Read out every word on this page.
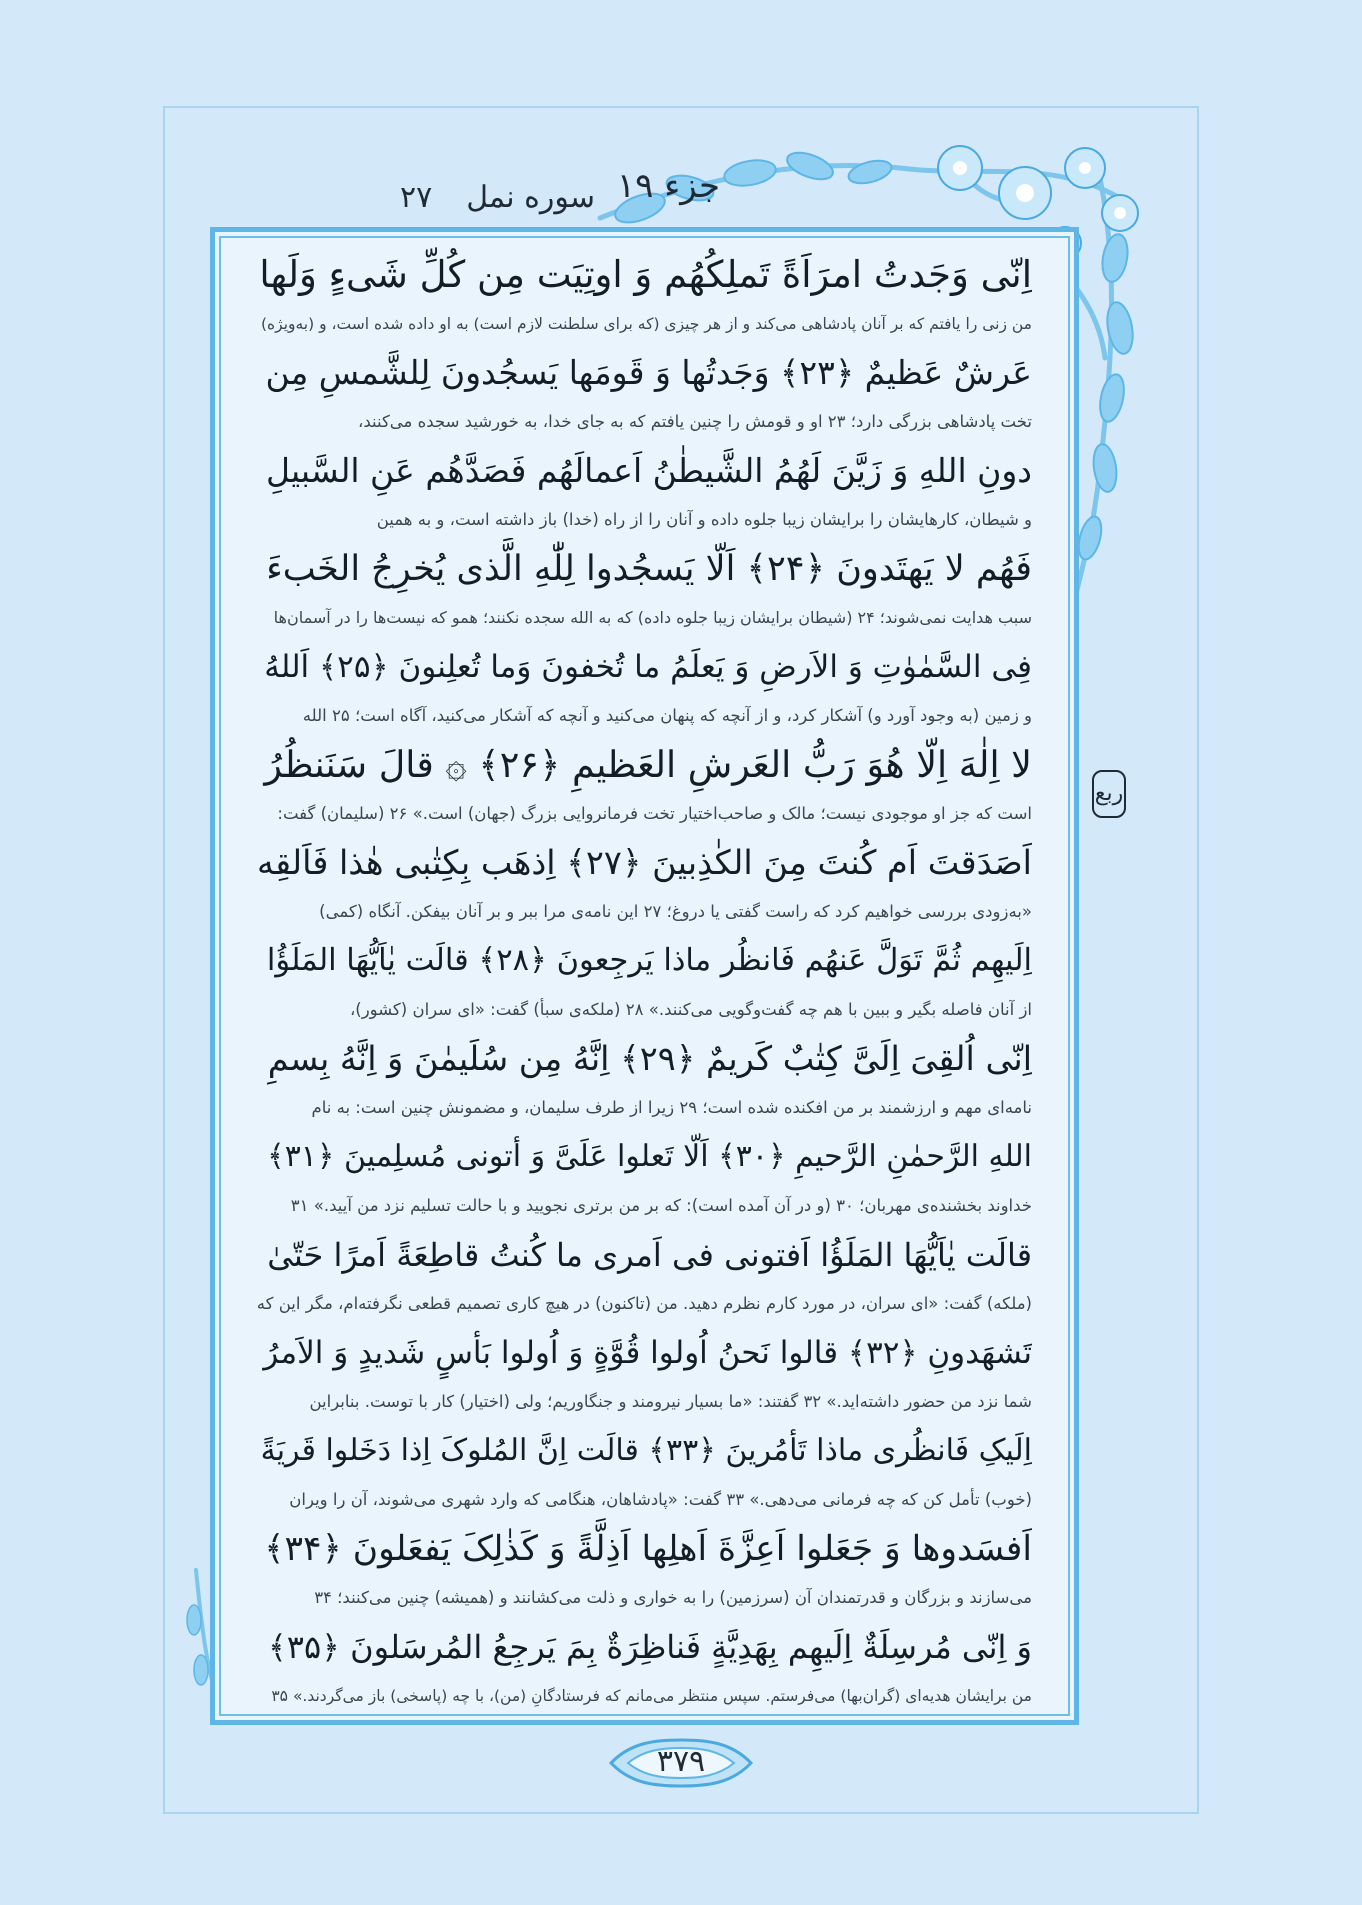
جزء ۱۹
سوره نمل
۲۷
اِنّی وَجَدتُ امرَاَةً تَملِکُهُم وَ اوتِیَت مِن کُلِّ شَیءٍ وَلَها
من زنی را یافتم که بر آنان پادشاهی می‌کند و از هر چیزی (که برای سلطنت لازم است) به او داده شده است، و (به‌ویژه)
عَرشٌ عَظیمٌ ﴿۲۳﴾ وَجَدتُها وَ قَومَها یَسجُدونَ لِلشَّمسِ مِن
تخت پادشاهی بزرگی دارد؛ ۲۳ او و قومش را چنین یافتم که به جای خدا، به خورشید سجده می‌کنند،
دونِ اللهِ وَ زَیَّنَ لَهُمُ الشَّیطٰنُ اَعمالَهُم فَصَدَّهُم عَنِ السَّبیلِ
و شیطان، کارهایشان را برایشان زیبا جلوه داده و آنان را از راه (خدا) باز داشته است، و به همین
فَهُم لا یَهتَدونَ ﴿۲۴﴾ اَلّا یَسجُدوا لِلّٰهِ الَّذی یُخرِجُ الخَبءَ
سبب هدایت نمی‌شوند؛ ۲۴ (شیطان برایشان زیبا جلوه داده) که به الله سجده نکنند؛ همو که نیست‌ها را در آسمان‌ها
فِی السَّمٰوٰتِ وَ الاَرضِ وَ یَعلَمُ ما تُخفونَ وَما تُعلِنونَ ﴿۲۵﴾ اَللهُ
و زمین (به وجود آورد و) آشکار کرد، و از آنچه که پنهان می‌کنید و آنچه که آشکار می‌کنید، آگاه است؛ ۲۵ الله
لا اِلٰهَ اِلّا هُوَ رَبُّ العَرشِ العَظیمِ ﴿۲۶﴾ ۞ قالَ سَنَنظُرُ
است که جز او موجودی نیست؛ مالک و صاحب‌اختیار تخت فرمانروایی بزرگ (جهان) است.» ۲۶ (سلیمان) گفت:
اَصَدَقتَ اَم کُنتَ مِنَ الکٰذِبینَ ﴿۲۷﴾ اِذهَب بِکِتٰبی هٰذا فَاَلقِه
«به‌زودی بررسی خواهیم کرد که راست گفتی یا دروغ؛ ۲۷ این نامه‌ی مرا ببر و بر آنان بیفکن. آنگاه (کمی)
اِلَیهِم ثُمَّ تَوَلَّ عَنهُم فَانظُر ماذا یَرجِعونَ ﴿۲۸﴾ قالَت یٰاَیُّهَا المَلَؤُا
از آنان فاصله بگیر و ببین با هم چه گفت‌وگویی می‌کنند.» ۲۸ (ملکه‌ی سبأ) گفت: «ای سران (کشور)،
اِنّی اُلقِیَ اِلَیَّ کِتٰبٌ کَریمٌ ﴿۲۹﴾ اِنَّهُ مِن سُلَیمٰنَ وَ اِنَّهُ بِسمِ
نامه‌ای مهم و ارزشمند بر من افکنده شده است؛ ۲۹ زیرا از طرف سلیمان، و مضمونش چنین است: به نام
اللهِ الرَّحمٰنِ الرَّحیمِ ﴿۳۰﴾ اَلّا تَعلوا عَلَیَّ وَ أتونی مُسلِمینَ ﴿۳۱﴾
خداوند بخشنده‌ی مهربان؛ ۳۰ (و در آن آمده است): که بر من برتری نجویید و با حالت تسلیم نزد من آیید.» ۳۱
قالَت یٰاَیُّهَا المَلَؤُا اَفتونی فی اَمری ما کُنتُ قاطِعَةً اَمرًا حَتّیٰ
(ملکه) گفت: «ای سران، در مورد کارم نظرم دهید. من (تاکنون) در هیچ کاری تصمیم قطعی نگرفته‌ام، مگر این که
تَشهَدونِ ﴿۳۲﴾ قالوا نَحنُ اُولوا قُوَّةٍ وَ اُولوا بَأسٍ شَدیدٍ وَ الاَمرُ
شما نزد من حضور داشته‌اید.» ۳۲ گفتند: «ما بسیار نیرومند و جنگاوریم؛ ولی (اختیار) کار با توست. بنابراین
اِلَیکِ فَانظُری ماذا تَأمُرینَ ﴿۳۳﴾ قالَت اِنَّ المُلوکَ اِذا دَخَلوا قَریَةً
(خوب) تأمل کن که چه فرمانی می‌دهی.» ۳۳ گفت: «پادشاهان، هنگامی که وارد شهری می‌شوند، آن را ویران
اَفسَدوها وَ جَعَلوا اَعِزَّةَ اَهلِها اَذِلَّةً وَ کَذٰلِکَ یَفعَلونَ ﴿۳۴﴾
می‌سازند و بزرگان و قدرتمندان آن (سرزمین) را به خواری و ذلت می‌کشانند و (همیشه) چنین می‌کنند؛ ۳۴
وَ اِنّی مُرسِلَةٌ اِلَیهِم بِهَدِیَّةٍ فَناظِرَةٌ بِمَ یَرجِعُ المُرسَلونَ ﴿۳۵﴾
من برایشان هدیه‌ای (گران‌بها) می‌فرستم. سپس منتظر می‌مانم که فرستادگانِ (من)، با چه (پاسخی) باز می‌گردند.» ۳۵
ربع
۳۷۹
